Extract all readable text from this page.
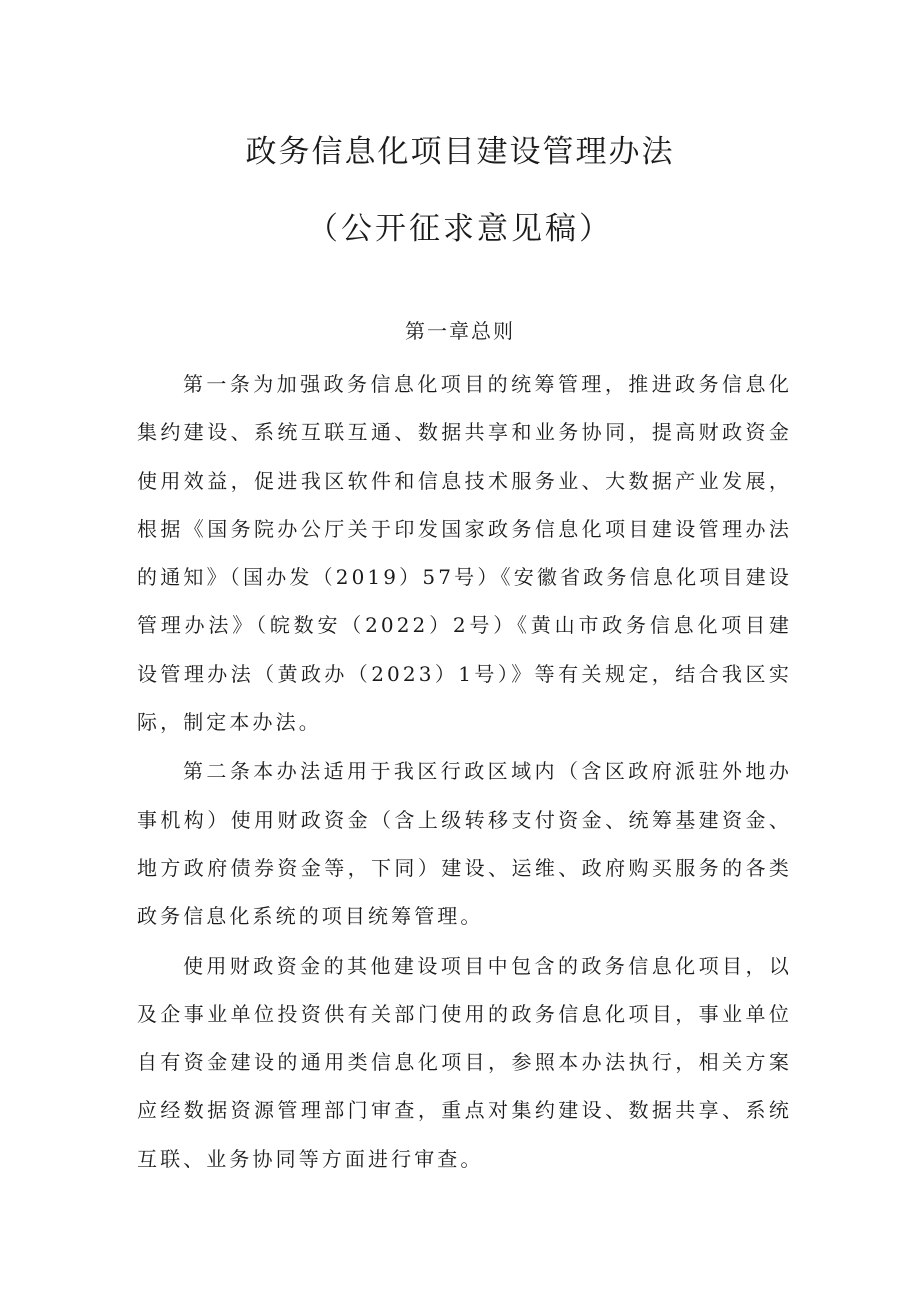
政务信息化项目建设管理办法
（公开征求意见稿）
第一章总则

第一条为加强政务信息化项目的统筹管理，推进政务信息化集约建设、系统互联互通、数据共享和业务协同，提高财政资金使用效益，促进我区软件和信息技术服务业、大数据产业发展，根据《国务院办公厅关于印发国家政务信息化项目建设管理办法的通知》（国办发（2019）57号）《安徽省政务信息化项目建设管理办法》（皖数安（2022）2号）《黄山市政务信息化项目建设管理办法（黄政办（2023）1号）》等有关规定，结合我区实际，制定本办法。

第二条本办法适用于我区行政区域内（含区政府派驻外地办事机构）使用财政资金（含上级转移支付资金、统筹基建资金、地方政府债券资金等，下同）建设、运维、政府购买服务的各类政务信息化系统的项目统筹管理。

使用财政资金的其他建设项目中包含的政务信息化项目，以及企事业单位投资供有关部门使用的政务信息化项目，事业单位自有资金建设的通用类信息化项目，参照本办法执行，相关方案应经数据资源管理部门审查，重点对集约建设、数据共享、系统互联、业务协同等方面进行审查。
